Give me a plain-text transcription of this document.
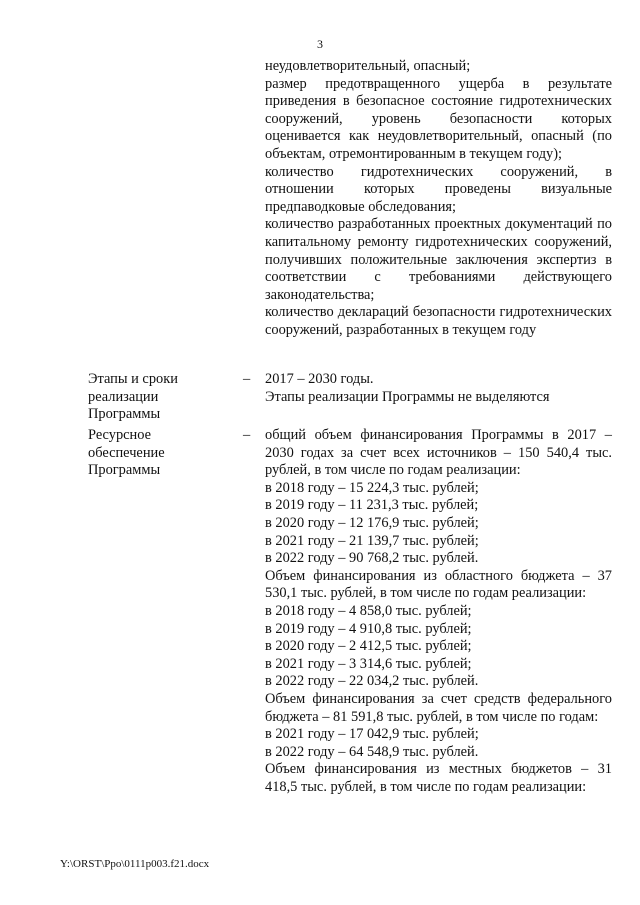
3

неудовлетворительный, опасный;

размер предотвращенного ущерба в результате приведения в безопасное состояние гидротехнических сооружений, уровень безопасности которых оценивается как неудовлетворительный, опасный (по объектам, отремонтированным в текущем году);

количество гидротехнических сооружений, в отношении которых проведены визуальные предпаводковые обследования;

количество разработанных проектных документаций по капитальному ремонту гидротехнических сооружений, получивших положительные заключения экспертиз в соответствии с требованиями действующего законодательства;

количество деклараций безопасности гидротехнических сооружений, разработанных в текущем году

Этапы и сроки реализации Программы
– 2017 – 2030 годы.

Этапы реализации Программы не выделяются

Ресурсное обеспечение Программы
– общий объем финансирования Программы в 2017 – 2030 годах за счет всех источников – 150 540,4 тыс. рублей, в том числе по годам реализации:

в 2018 году – 15 224,3 тыс. рублей;

в 2019 году – 11 231,3 тыс. рублей;

в 2020 году – 12 176,9 тыс. рублей;

в 2021 году – 21 139,7 тыс. рублей;

в 2022 году – 90 768,2 тыс. рублей.

Объем финансирования из областного бюджета – 37 530,1 тыс. рублей, в том числе по годам реализации:

в 2018 году – 4 858,0 тыс. рублей;

в 2019 году – 4 910,8 тыс. рублей;

в 2020 году – 2 412,5 тыс. рублей;

в 2021 году – 3 314,6 тыс. рублей;

в 2022 году – 22 034,2 тыс. рублей.

Объем финансирования за счет средств федерального бюджета – 81 591,8 тыс. рублей, в том числе по годам:

в 2021 году – 17 042,9 тыс. рублей;

в 2022 году – 64 548,9 тыс. рублей.

Объем финансирования из местных бюджетов – 31 418,5 тыс. рублей, в том числе по годам реализации:

Y:\ORST\Ppo\0111p003.f21.docx
